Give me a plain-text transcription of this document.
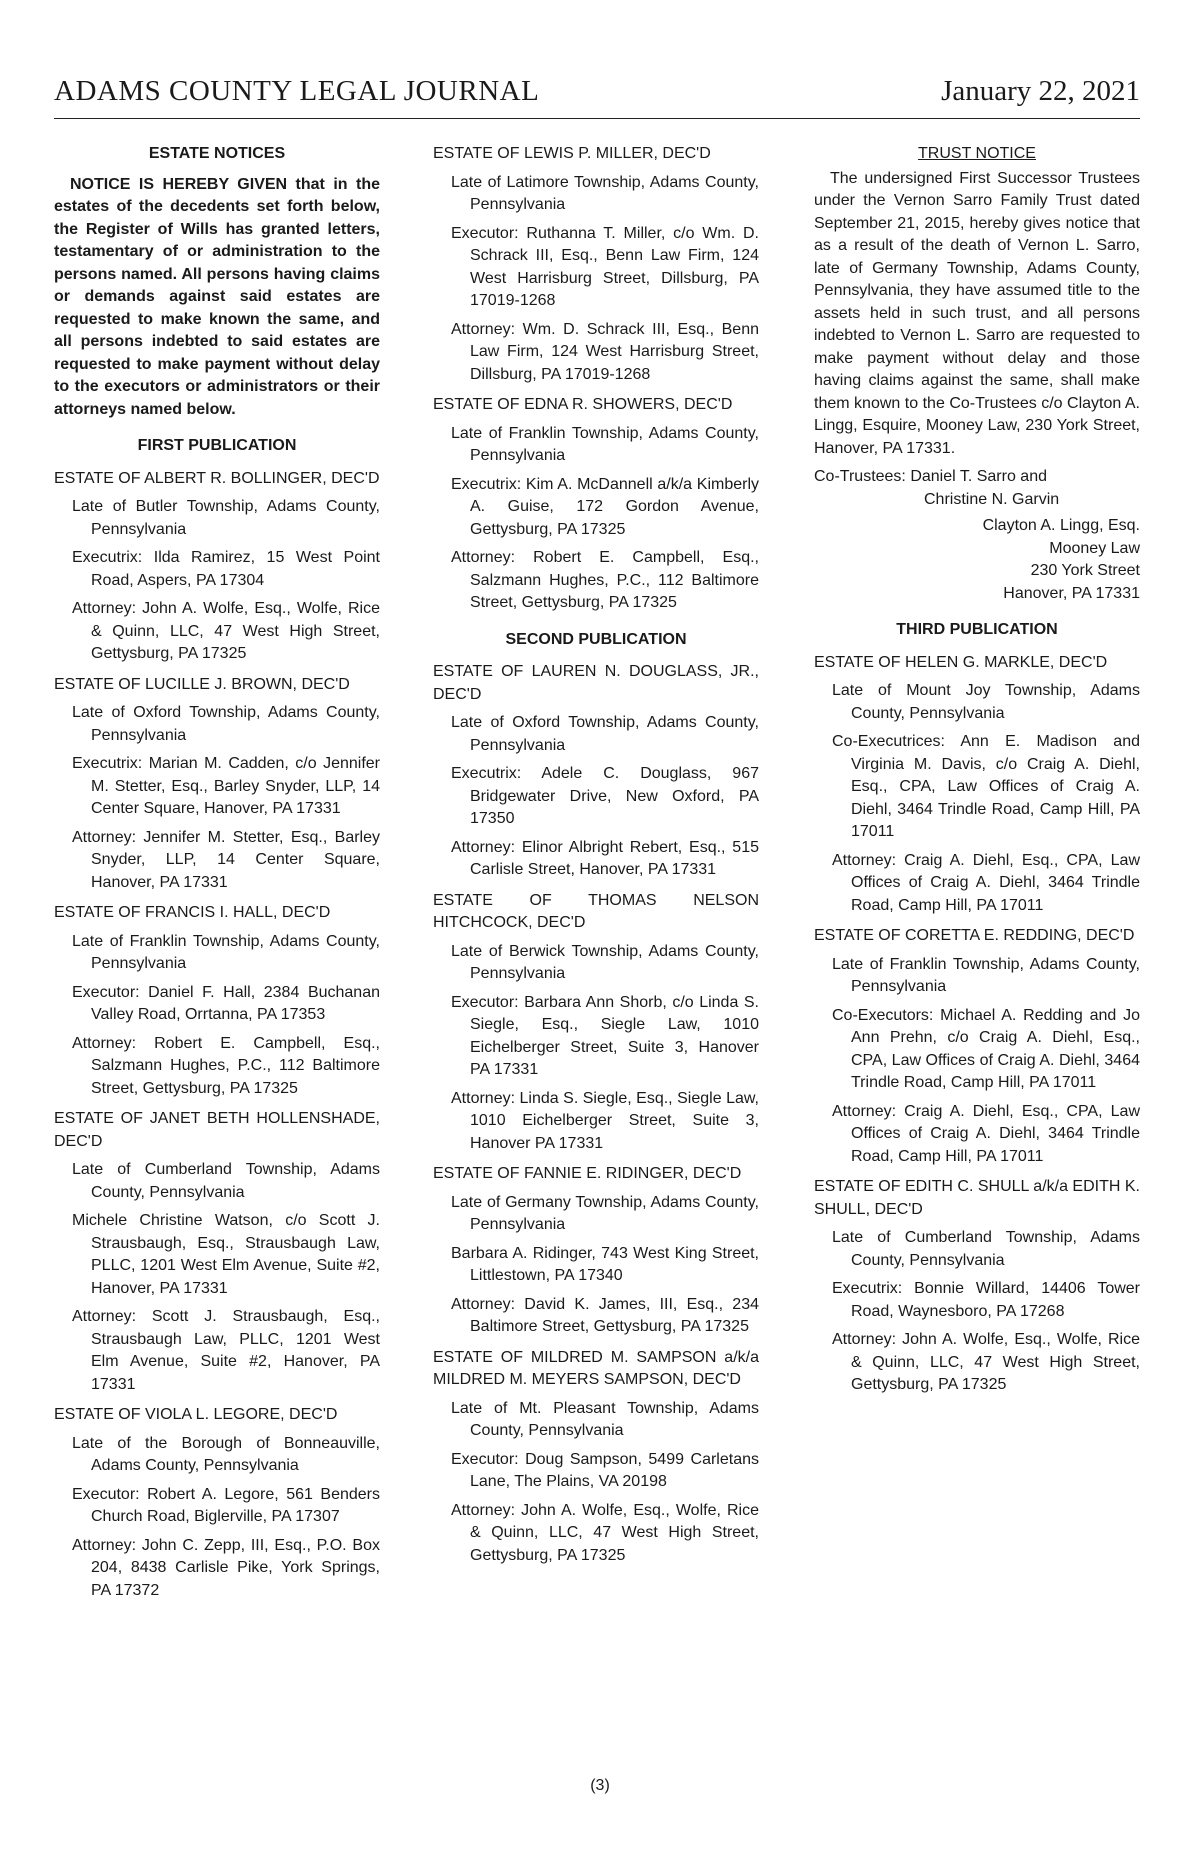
ADAMS COUNTY LEGAL JOURNAL	January 22, 2021
ESTATE NOTICES
NOTICE IS HEREBY GIVEN that in the estates of the decedents set forth below, the Register of Wills has granted letters, testamentary of or administration to the persons named. All persons having claims or demands against said estates are requested to make known the same, and all persons indebted to said estates are requested to make payment without delay to the executors or administrators or their attorneys named below.
FIRST PUBLICATION
ESTATE OF ALBERT R. BOLLINGER, DEC'D
Late of Butler Township, Adams County, Pennsylvania
Executrix: Ilda Ramirez, 15 West Point Road, Aspers, PA 17304
Attorney: John A. Wolfe, Esq., Wolfe, Rice & Quinn, LLC, 47 West High Street, Gettysburg, PA 17325
ESTATE OF LUCILLE J. BROWN, DEC'D
Late of Oxford Township, Adams County, Pennsylvania
Executrix: Marian M. Cadden, c/o Jennifer M. Stetter, Esq., Barley Snyder, LLP, 14 Center Square, Hanover, PA 17331
Attorney: Jennifer M. Stetter, Esq., Barley Snyder, LLP, 14 Center Square, Hanover, PA 17331
ESTATE OF FRANCIS I. HALL, DEC'D
Late of Franklin Township, Adams County, Pennsylvania
Executor: Daniel F. Hall, 2384 Buchanan Valley Road, Orrtanna, PA 17353
Attorney: Robert E. Campbell, Esq., Salzmann Hughes, P.C., 112 Baltimore Street, Gettysburg, PA 17325
ESTATE OF JANET BETH HOLLENSHADE, DEC'D
Late of Cumberland Township, Adams County, Pennsylvania
Michele Christine Watson, c/o Scott J. Strausbaugh, Esq., Strausbaugh Law, PLLC, 1201 West Elm Avenue, Suite #2, Hanover, PA 17331
Attorney: Scott J. Strausbaugh, Esq., Strausbaugh Law, PLLC, 1201 West Elm Avenue, Suite #2, Hanover, PA 17331
ESTATE OF VIOLA L. LEGORE, DEC'D
Late of the Borough of Bonneauville, Adams County, Pennsylvania
Executor: Robert A. Legore, 561 Benders Church Road, Biglerville, PA 17307
Attorney: John C. Zepp, III, Esq., P.O. Box 204, 8438 Carlisle Pike, York Springs, PA 17372
ESTATE OF LEWIS P. MILLER, DEC'D
Late of Latimore Township, Adams County, Pennsylvania
Executor: Ruthanna T. Miller, c/o Wm. D. Schrack III, Esq., Benn Law Firm, 124 West Harrisburg Street, Dillsburg, PA 17019-1268
Attorney: Wm. D. Schrack III, Esq., Benn Law Firm, 124 West Harrisburg Street, Dillsburg, PA 17019-1268
ESTATE OF EDNA R. SHOWERS, DEC'D
Late of Franklin Township, Adams County, Pennsylvania
Executrix: Kim A. McDannell a/k/a Kimberly A. Guise, 172 Gordon Avenue, Gettysburg, PA 17325
Attorney: Robert E. Campbell, Esq., Salzmann Hughes, P.C., 112 Baltimore Street, Gettysburg, PA 17325
SECOND PUBLICATION
ESTATE OF LAUREN N. DOUGLASS, JR., DEC'D
Late of Oxford Township, Adams County, Pennsylvania
Executrix: Adele C. Douglass, 967 Bridgewater Drive, New Oxford, PA 17350
Attorney: Elinor Albright Rebert, Esq., 515 Carlisle Street, Hanover, PA 17331
ESTATE OF THOMAS NELSON HITCHCOCK, DEC'D
Late of Berwick Township, Adams County, Pennsylvania
Executor: Barbara Ann Shorb, c/o Linda S. Siegle, Esq., Siegle Law, 1010 Eichelberger Street, Suite 3, Hanover PA 17331
Attorney: Linda S. Siegle, Esq., Siegle Law, 1010 Eichelberger Street, Suite 3, Hanover PA 17331
ESTATE OF FANNIE E. RIDINGER, DEC'D
Late of Germany Township, Adams County, Pennsylvania
Barbara A. Ridinger, 743 West King Street, Littlestown, PA 17340
Attorney: David K. James, III, Esq., 234 Baltimore Street, Gettysburg, PA 17325
ESTATE OF MILDRED M. SAMPSON a/k/a MILDRED M. MEYERS SAMPSON, DEC'D
Late of Mt. Pleasant Township, Adams County, Pennsylvania
Executor: Doug Sampson, 5499 Carletans Lane, The Plains, VA 20198
Attorney: John A. Wolfe, Esq., Wolfe, Rice & Quinn, LLC, 47 West High Street, Gettysburg, PA 17325
TRUST NOTICE
The undersigned First Successor Trustees under the Vernon Sarro Family Trust dated September 21, 2015, hereby gives notice that as a result of the death of Vernon L. Sarro, late of Germany Township, Adams County, Pennsylvania, they have assumed title to the assets held in such trust, and all persons indebted to Vernon L. Sarro are requested to make payment without delay and those having claims against the same, shall make them known to the Co-Trustees c/o Clayton A. Lingg, Esquire, Mooney Law, 230 York Street, Hanover, PA 17331.
Co-Trustees: Daniel T. Sarro and
Christine N. Garvin
Clayton A. Lingg, Esq.
Mooney Law
230 York Street
Hanover, PA 17331
THIRD PUBLICATION
ESTATE OF HELEN G. MARKLE, DEC'D
Late of Mount Joy Township, Adams County, Pennsylvania
Co-Executrices: Ann E. Madison and Virginia M. Davis, c/o Craig A. Diehl, Esq., CPA, Law Offices of Craig A. Diehl, 3464 Trindle Road, Camp Hill, PA 17011
Attorney: Craig A. Diehl, Esq., CPA, Law Offices of Craig A. Diehl, 3464 Trindle Road, Camp Hill, PA 17011
ESTATE OF CORETTA E. REDDING, DEC'D
Late of Franklin Township, Adams County, Pennsylvania
Co-Executors: Michael A. Redding and Jo Ann Prehn, c/o Craig A. Diehl, Esq., CPA, Law Offices of Craig A. Diehl, 3464 Trindle Road, Camp Hill, PA 17011
Attorney: Craig A. Diehl, Esq., CPA, Law Offices of Craig A. Diehl, 3464 Trindle Road, Camp Hill, PA 17011
ESTATE OF EDITH C. SHULL a/k/a EDITH K. SHULL, DEC'D
Late of Cumberland Township, Adams County, Pennsylvania
Executrix: Bonnie Willard, 14406 Tower Road, Waynesboro, PA 17268
Attorney: John A. Wolfe, Esq., Wolfe, Rice & Quinn, LLC, 47 West High Street, Gettysburg, PA 17325
(3)
